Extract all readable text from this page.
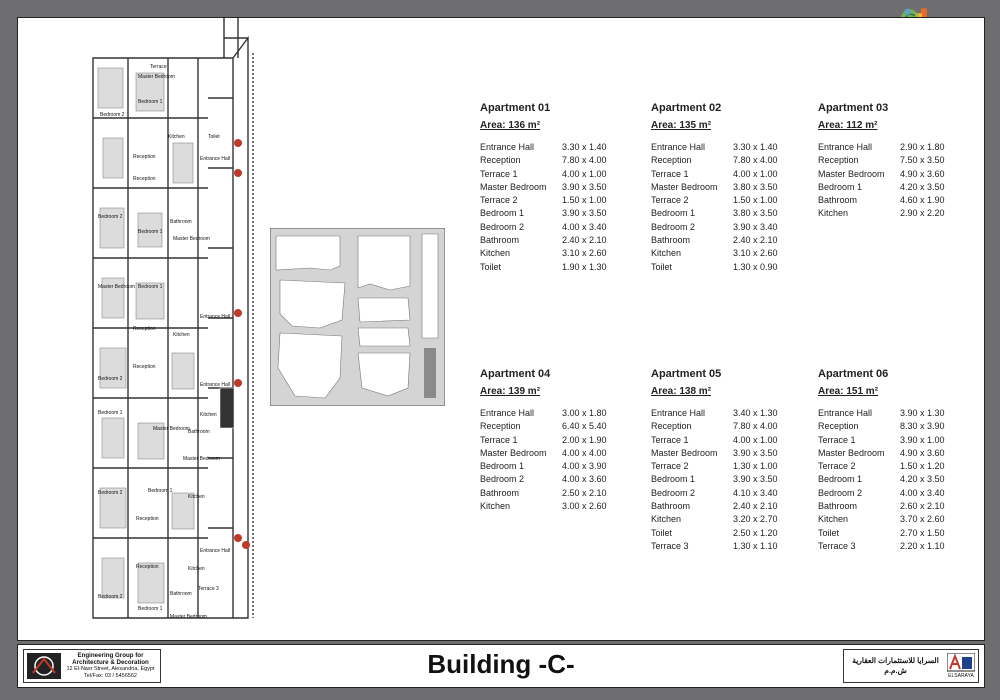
Master Bedroom
Bedroom 1
Bedroom 2
Terrace
Kitchen
Reception	Entrance Hall
Toilet
Reception
Bathroom
Bedroom 2
Bedroom 1
Master Bedroom
Master Bedroom Bedroom 1
Entrance Hall
Reception
Kitchen
Reception
Bedroom 2
Entrance Hall
Kitchen
Bedroom 1
Master Bedroom
Bathroom
Master Bedroom
Bedroom 2	Bedroom 1
Kitchen
Reception
Entrance Hall
Reception	Kitchen
Terrace 3
Bathroom
Bedroom 2
Bedroom 1
Master Bedroom
Apartment 01
Area: 136 m²
Entrance Hall	3.30 x 1.40
Reception	7.80 x 4.00
Terrace 1	4.00 x 1.00
Master Bedroom	3.90 x 3.50
Terrace 2	1.50 x 1.00
Bedroom 1	3.90 x 3.50
Bedroom 2	4.00 x 3.40
Bathroom	2.40 x 2.10
Kitchen	3.10 x 2.60
Toilet	1.90 x 1.30
Apartment 02
Area: 135 m²
Entrance Hall	3.30 x 1.40
Reception	7.80 x 4.00
Terrace 1	4.00 x 1.00
Master Bedroom	3.80 x 3.50
Terrace 2	1.50 x 1.00
Bedroom 1	3.80 x 3.50
Bedroom 2	3.90 x 3.40
Bathroom	2.40 x 2.10
Kitchen	3.10 x 2.60
Toilet	1.30 x 0.90
Apartment 03
Area: 112 m²
Entrance Hall	2.90 x 1.80
Reception	7.50 x 3.50
Master Bedroom	4.90 x 3.60
Bedroom 1	4.20 x 3.50
Bathroom	4.60 x 1.90
Kitchen	2.90 x 2.20
Apartment 04
Area: 139 m²
Entrance Hall	3.00 x 1.80
Reception	6.40 x 5.40
Terrace 1	2.00 x 1.90
Master Bedroom	4.00 x 4.00
Bedroom 1	4.00 x 3.90
Bedroom 2	4.00 x 3.60
Bathroom	2.50 x 2.10
Kitchen	3.00 x 2.60
Apartment 05
Area: 138 m²
Entrance Hall	3.40 x 1.30
Reception	7.80 x 4.00
Terrace 1	4.00 x 1.00
Master Bedroom	3.90 x 3.50
Terrace 2	1.30 x 1.00
Bedroom 1	3.90 x 3.50
Bedroom 2	4.10 x 3.40
Bathroom	2.40 x 2.10
Kitchen	3.20 x 2.70
Toilet	2.50 x 1.20
Terrace 3	1.30 x 1.10
Apartment 06
Area: 151 m²
Entrance Hall	3.90 x 1.30
Reception	8.30 x 3.90
Terrace 1	3.90 x 1.00
Master Bedroom	4.90 x 3.60
Terrace 2	1.50 x 1.20
Bedroom 1	4.20 x 3.50
Bedroom 2	4.00 x 3.40
Bathroom	2.60 x 2.10
Kitchen	3.70 x 2.60
Toilet	2.70 x 1.50
Terrace 3	2.20 x 1.10
Engineering Group for
Architecture & Decoration
12 El-Nasr Street, Alexandria, Egypt
Tel/Fax: 03 / 5456562	Building -C-	السرايا للاستثمارات العقارية
ش.م.م
ELSARAYA
